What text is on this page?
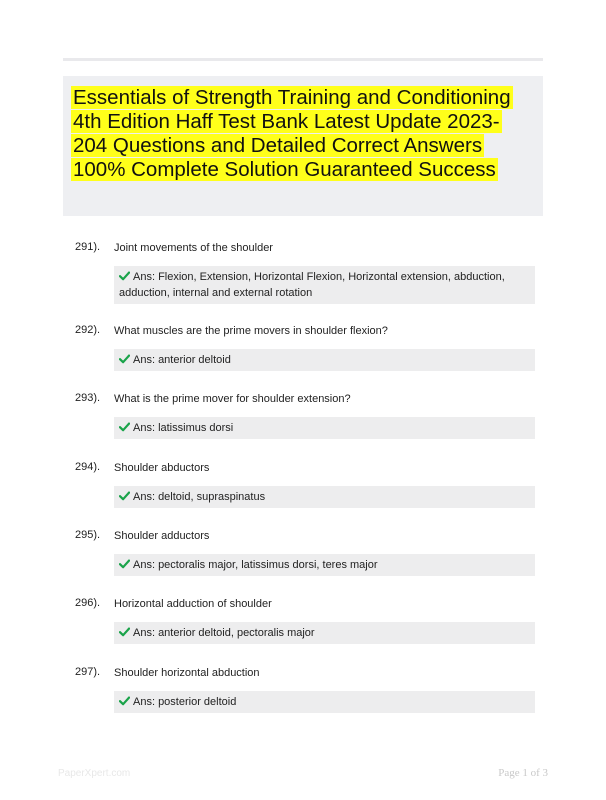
Essentials of Strength Training and Conditioning 4th Edition Haff Test Bank Latest Update 2023-204 Questions and Detailed Correct Answers 100% Complete Solution Guaranteed Success
291). Joint movements of the shoulder
Ans: Flexion, Extension, Horizontal Flexion, Horizontal extension, abduction, adduction, internal and external rotation
292). What muscles are the prime movers in shoulder flexion?
Ans: anterior deltoid
293). What is the prime mover for shoulder extension?
Ans: latissimus dorsi
294). Shoulder abductors
Ans: deltoid, supraspinatus
295). Shoulder adductors
Ans: pectoralis major, latissimus dorsi, teres major
296). Horizontal adduction of shoulder
Ans: anterior deltoid, pectoralis major
297). Shoulder horizontal abduction
Ans: posterior deltoid
PaperXpert.com	Page 1 of 3
